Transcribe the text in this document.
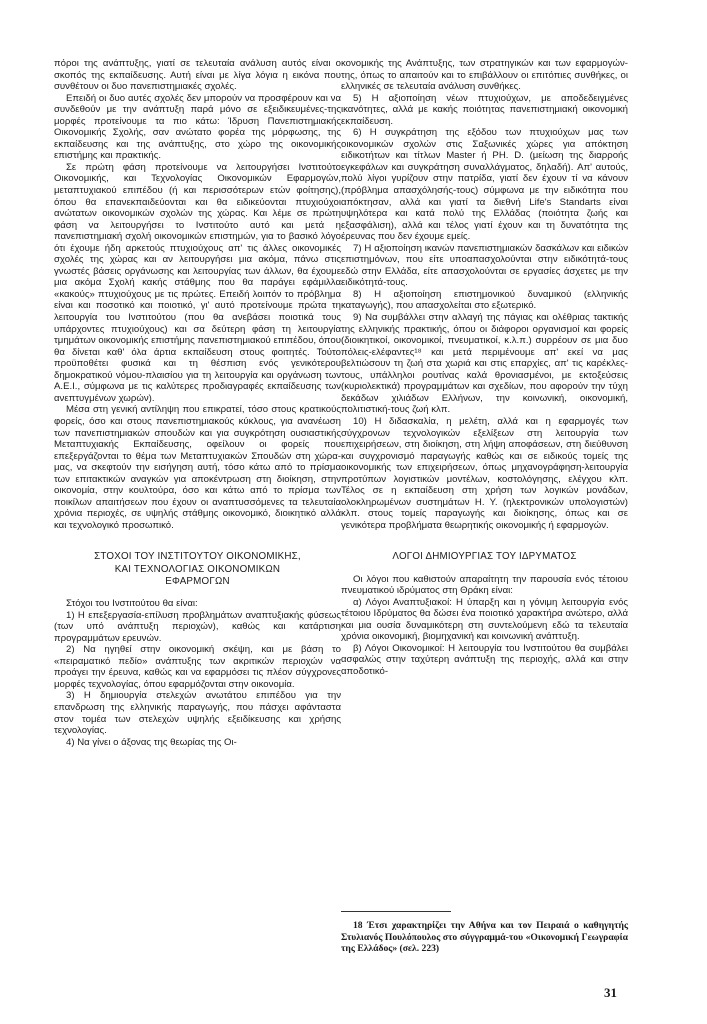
πόροι της ανάπτυξης, γιατί σε τελευταία ανάλυση αυτός είναι ο σκοπός της εκπαίδευσης. Αυτή είναι με λίγα λόγια η εικόνα που συνθέτουν οι δυο πανεπιστημιακές σχολές.

Επειδή οι δυο αυτές σχολές δεν μπορούν να προσφέρουν και να συνδεθούν με την ανάπτυξη παρά μόνο σε εξειδικευμένες-της μορφές προτείνουμε τα πιο κάτω: Ίδρυση Πανεπιστημιακής Οικονομικής Σχολής, σαν ανώτατο φορέα της μόρφωσης, της εκπαίδευσης και της ανάπτυξης, στο χώρο της οικονομικής επιστήμης και πρακτικής.

Σε πρώτη φάση προτείνουμε να λειτουργήσει Ινστιτούτο Οικονομικής, και Τεχνολογίας Οικονομικών Εφαρμογών, μεταπτυχιακού επιπέδου (ή και περισσότερων ετών φοίτησης), όπου θα επανεκπαιδεύονται και θα ειδικεύονται πτυχιούχοι ανώτατων οικονομικών σχολών της χώρας. Και λέμε σε πρώτη φάση να λειτουργήσει το Ινστιτούτο αυτό και μετά η πανεπιστημιακή σχολή οικονομικών επιστημών, για το βασικό λόγο ότι έχουμε ήδη αρκετούς πτυχιούχους απ' τις άλλες οικονομικές σχολές της χώρας και αν λειτουργήσει μια ακόμα, πάνω στις γνωστές βάσεις οργάνωσης και λειτουργίας των άλλων, θα έχουμε μια ακόμα Σχολή κακής στάθμης που θα παράγει εφάμιλλα «κακούς» πτυχιούχους με τις πρώτες. Επειδή λοιπόν το πρόβλημα είναι και ποσοτικό και ποιοτικό, γι' αυτό προτείνουμε πρώτα τη λειτουργία του Ινστιτούτου (που θα ανεβάσει ποιοτικά τους υπάρχοντες πτυχιούχους) και σα δεύτερη φάση τη λειτουργία τμημάτων οικονομικής επιστήμης πανεπιστημιακού επιπέδου, όπου θα δίνεται καθ' όλα άρτια εκπαίδευση στους φοιτητές. Τούτο προϋποθέτει φυσικά και τη θέσπιση ενός γενικότερου δημοκρατικού νόμου-πλαισίου για τη λειτουργία και οργάνωση των Α.Ε.Ι., σύμφωνα με τις καλύτερες προδιαγραφές εκπαίδευσης των ανεπτυγμένων χωρών).

Μέσα στη γενική αντίληψη που επικρατεί, τόσο στους κρατικούς φορείς, όσο και στους πανεπιστημιακούς κύκλους, για ανανέωση των πανεπιστημιακών σπουδών και για συγκρότηση ουσιαστικής Μεταπτυχιακής Εκπαίδευσης, οφείλουν οι φορείς που επεξεργάζονται το θέμα των Μεταπτυχιακών Σπουδών στη χώρα-μας, να σκεφτούν την εισήγηση αυτή, τόσο κάτω από το πρίσμα των επιτακτικών αναγκών για αποκέντρωση στη διοίκηση, στην οικονομία, στην κουλτούρα, όσο και κάτω από το πρίσμα των ποικίλων απαιτήσεων που έχουν οι αναπτυσσόμενες τα τελευταία χρόνια περιοχές, σε υψηλής στάθμης οικονομικό, διοικητικό αλλά και τεχνολογικό προσωπικό.

ΣΤΟΧΟΙ ΤΟΥ ΙΝΣΤΙΤΟΥΤΟΥ ΟΙΚΟΝΟΜΙΚΗΣ,
ΚΑΙ ΤΕΧΝΟΛΟΓΙΑΣ ΟΙΚΟΝΟΜΙΚΩΝ
ΕΦΑΡΜΟΓΩΝ

Στόχοι του Ινστιτούτου θα είναι:

1) Η επεξεργασία-επίλυση προβλημάτων αναπτυξιακής φύσεως (των υπό ανάπτυξη περιοχών), καθώς και κατάρτιση προγραμμάτων ερευνών.

2) Να ηγηθεί στην οικονομική σκέψη, και με βάση το «πειραματικό πεδίο» ανάπτυξης των ακριτικών περιοχών να προάγει την έρευνα, καθώς και να εφαρμόσει τις πλέον σύγχρονες μορφές τεχνολογίας, όπου εφαρμόζονται στην οικονομία.

3) Η δημιουργία στελεχών ανωτάτου επιπέδου για την επανδρωση της ελληνικής παραγωγής, που πάσχει αφάνταστα στον τομέα των στελεχών υψηλής εξειδίκευσης και χρήσης τεχνολογίας.

4) Να γίνει ο άξονας της θεωρίας της Οι-

κονομικής της Ανάπτυξης, των στρατηγικών και των εφαρμογών-της, όπως το απαιτούν και το επιβάλλουν οι επιτόπιες συνθήκες, οι ελληνικές σε τελευταία ανάλυση συνθήκες.

5) Η αξιοποίηση νέων πτυχιούχων, με αποδεδειγμένες ικανότητες, αλλά με κακής ποιότητας πανεπιστημιακή οικονομική εκπαίδευση.

6) Η συγκράτηση της εξόδου των πτυχιούχων μας των οικονομικών σχολών στις Σαξωνικές χώρες για απόκτηση ειδικοτήτων και τίτλων Master ή PH. D. (μείωση της διαρροής εγκεφάλων και συγκράτηση συναλλάγματος, δηλαδή). Απ' αυτούς, πολύ λίγοι γυρίζουν στην πατρίδα, γιατί δεν έχουν τί να κάνουν (πρόβλημα απασχόλησής-τους) σύμφωνα με την ειδικότητα που απόκτησαν, αλλά και γιατί τα διεθνή Life's Standarts είναι υψηλότερα και κατά πολύ της Ελλάδας (ποιότητα ζωής και εξασφάλιση), αλλά και τέλος γιατί έχουν και τη δυνατότητα της έρευνας που δεν έχουμε εμείς.

7) Η αξιοποίηση ικανών πανεπιστημιακών δασκάλων και ειδικών επιστημόνων, που είτε υποαπασχολούνται στην ειδικότητά-τους εδώ στην Ελλάδα, είτε απασχολούνται σε εργασίες άσχετες με την ειδικότητά-τους.

8) Η αξιοποίηση επιστημονικού δυναμικού (ελληνικής καταγωγής), που απασχολείται στο εξωτερικό.

9) Να συμβάλλει στην αλλαγή της πάγιας και ολέθριας τακτικής της ελληνικής πρακτικής, όπου οι διάφοροι οργανισμοί και φορείς (διοικητικοί, οικονομικοί, πνευματικοί, κ.λ.π.) συρρέουν σε μια δυο πόλεις-ελέφαντες¹⁸ και μετά περιμένουμε απ' εκεί να μας βελτιώσουν τη ζωή στα χωριά και στις επαρχίες, απ' τις καρέκλες-τους, υπάλληλοι ρουτίνας καλά θρονιασμένοι, με εκτοξεύσεις (κυριολεκτικά) προγραμμάτων και σχεδίων, που αφορούν την τύχη δεκάδων χιλιάδων Ελλήνων, την κοινωνική, οικονομική, πολιτιστική-τους ζωή κλπ.

10) Η διδασκαλία, η μελέτη, αλλά και η εφαρμογές των σύγχρονων τεχνολογικών εξελίξεων στη λειτουργία των επιχειρήσεων, στη διοίκηση, στη λήψη αποφάσεων, στη διεύθυνση και συγχρονισμό παραγωγής καθώς και σε ειδικούς τομείς της οικονομικής των επιχειρήσεων, όπως μηχανογράφηση-λειτουργία προτύπων λογιστικών μοντέλων, κοστολόγησης, ελέγχου κλπ. Τέλος σε η εκπαίδευση στη χρήση των λογικών μονάδων, ολοκληρωμένων συστημάτων Η. Υ. (ηλεκτρονικών υπολογιστών) κλπ. στους τομείς παραγωγής και διοίκησης, όπως και σε γενικότερα προβλήματα θεωρητικής οικονομικής ή εφαρμογών.

ΛΟΓΟΙ ΔΗΜΙΟΥΡΓΙΑΣ ΤΟΥ ΙΔΡΥΜΑΤΟΣ

Οι λόγοι που καθιστούν απαραίτητη την παρουσία ενός τέτοιου πνευματικού ιδρύματος στη Θράκη είναι:

α) Λόγοι Αναπτυξιακοί: Η ύπαρξη και η γόνιμη λειτουργία ενός τέτοιου Ιδρύματος θα δώσει ένα ποιοτικό χαρακτήρα ανώτερο, αλλά και μια ουσία δυναμικότερη στη συντελούμενη εδώ τα τελευταία χρόνια οικονομική, βιομηχανική και κοινωνική ανάπτυξη.

β) Λόγοι Οικονομικοί: Η λειτουργία του Ινστιτούτου θα συμβάλει ασφαλώς στην ταχύτερη ανάπτυξη της περιοχής, αλλά και στην αποδοτικό-

18 Έτσι χαρακτηρίζει την Αθήνα και τον Πειραιά ο καθηγητής Στυλιανός Πουλόπουλος στο σύγγραμμά-του «Οικονομική Γεωγραφία της Ελλάδος» (σελ. 223)

31
